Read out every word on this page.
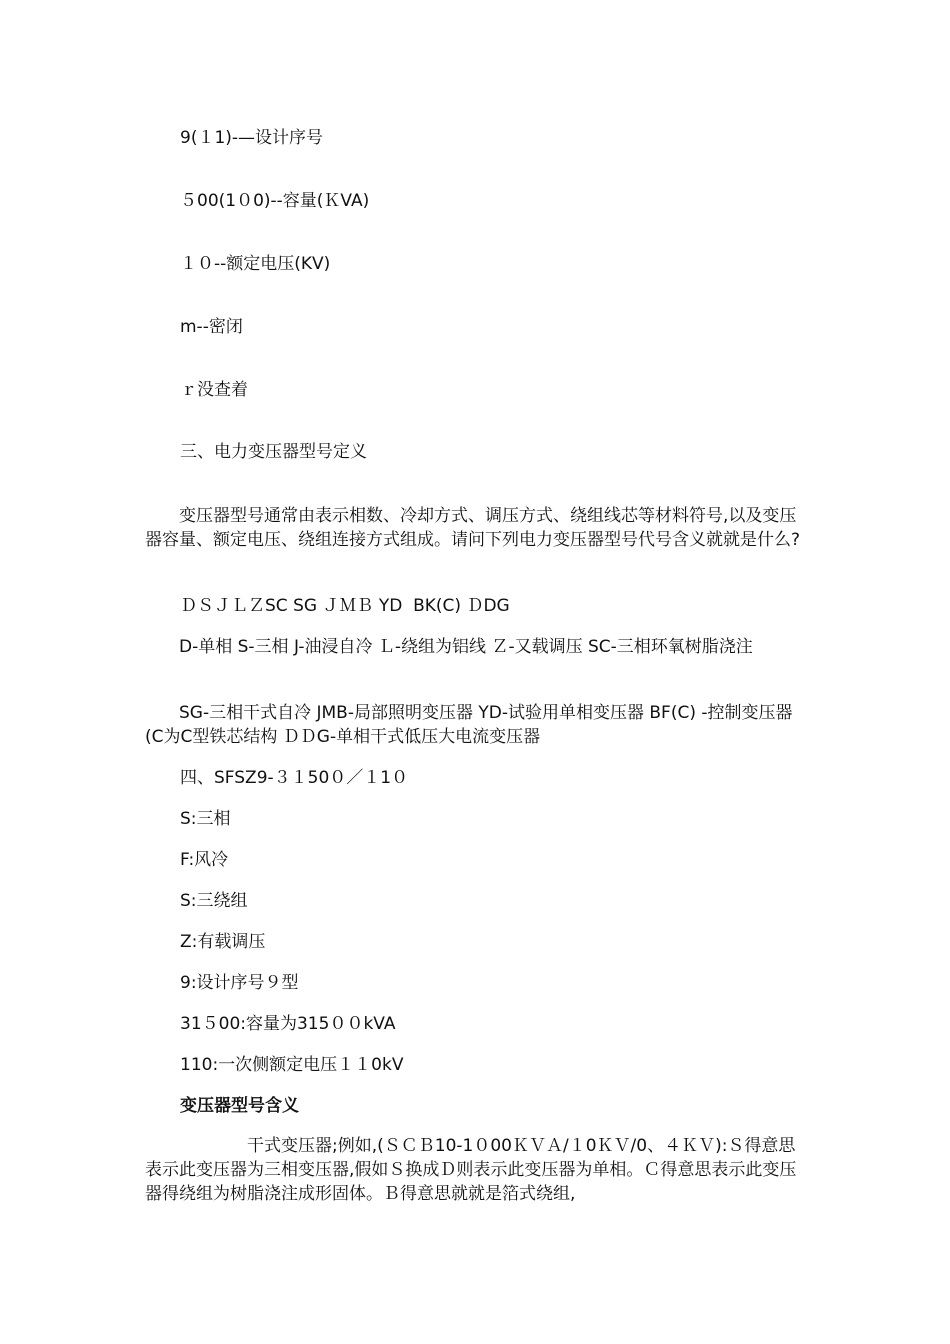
9(１1)-—设计序号
５00(1０0)--容量(ＫVA)
１０--额定电压(KV)
m--密闭
ｒ没查着
三、电力变压器型号定义
变压器型号通常由表示相数、冷却方式、调压方式、绕组线芯等材料符号,以及变压器容量、额定电压、绕组连接方式组成。请问下列电力变压器型号代号含义就就是什么?
ＤＳＪＬＺSC SG ＪＭＢ YD  BK(C) ＤDG
D-单相 S-三相 J-油浸自冷 Ｌ-绕组为铝线 Ｚ-又载调压 SC-三相环氧树脂浇注
SG-三相干式自冷 JMB-局部照明变压器 YD-试验用单相变压器 BF(C) -控制变压器(C为C型铁芯结构 ＤＤG-单相干式低压大电流变压器
四、SFSZ9-３１50０／１1０
S:三相
F:风冷
S:三绕组
Z:有载调压
9:设计序号９型
31５00:容量为315００kVA
110:一次侧额定电压１１0kV
变压器型号含义
干式变压器;例如,(ＳＣＢ10-1０00ＫＶＡ/１0ＫＶ/0、４ＫＶ):Ｓ得意思表示此变压器为三相变压器,假如Ｓ换成Ｄ则表示此变压器为单相。Ｃ得意思表示此变压器得绕组为树脂浇注成形固体。Ｂ得意思就就是箔式绕组,
